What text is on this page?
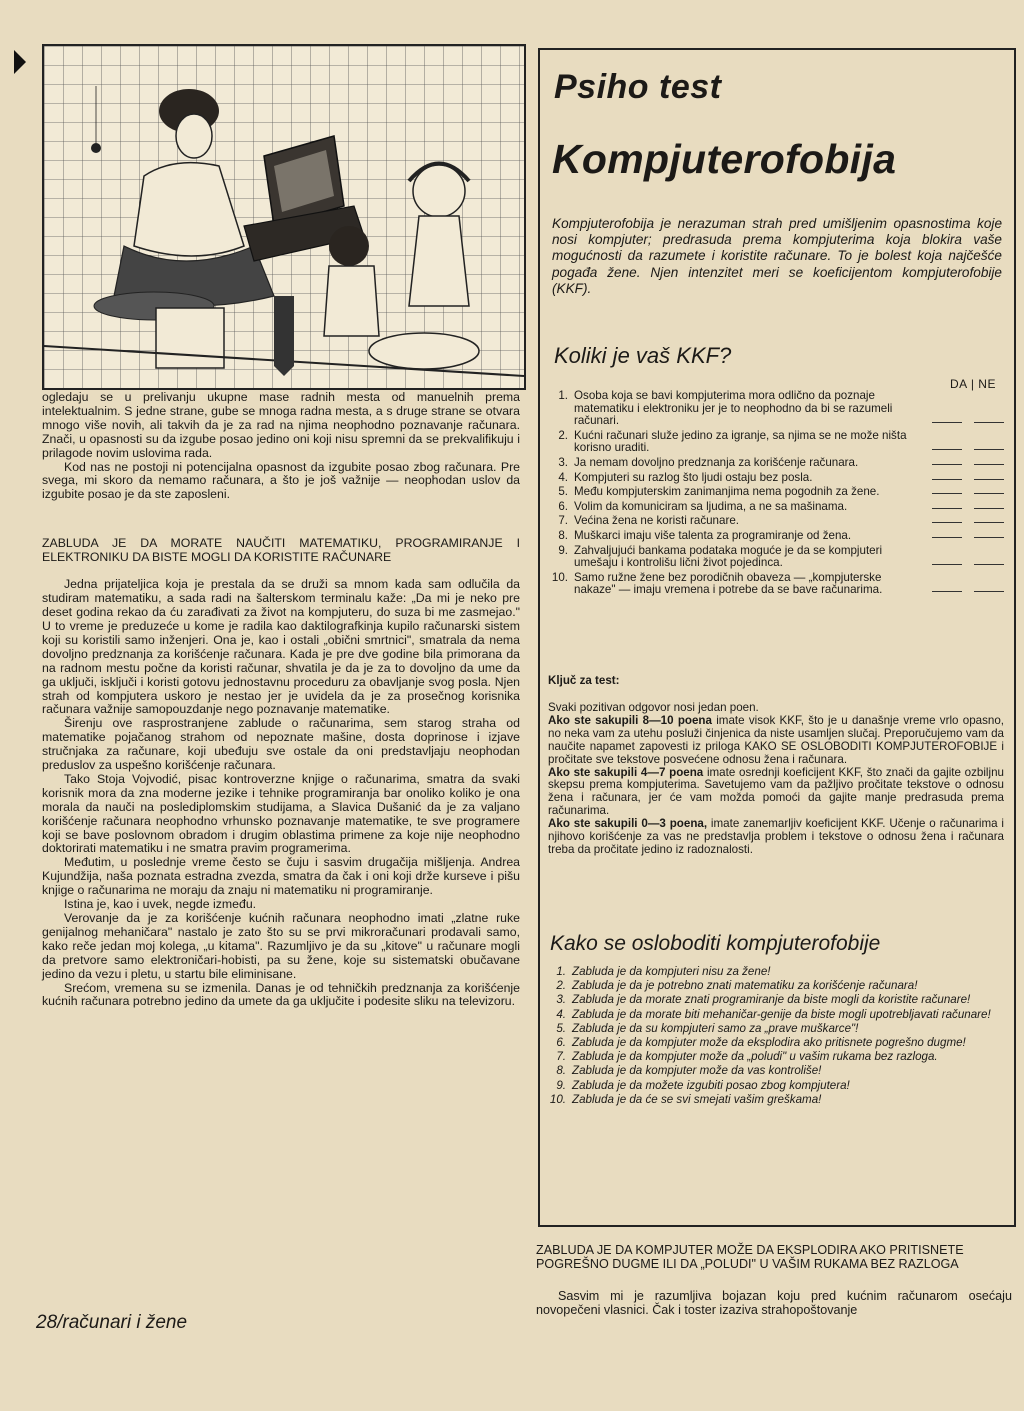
ogledaju se u prelivanju ukupne mase radnih mesta od manuelnih prema intelektualnim. S jedne strane, gube se mnoga radna mesta, a s druge strane se otvara mnogo više novih, ali takvih da je za rad na njima neophodno poznavanje računara. Znači, u opasnosti su da izgube posao jedino oni koji nisu spremni da se prekvalifikuju i prilagode novim uslovima rada.

Kod nas ne postoji ni potencijalna opasnost da izgubite posao zbog računara. Pre svega, mi skoro da nemamo računara, a što je još važnije — neophodan uslov da izgubite posao je da ste zaposleni.

ZABLUDA JE DA MORATE NAUČITI MATEMATIKU, PROGRAMIRANJE I ELEKTRONIKU DA BISTE MOGLI DA KORISTITE RAČUNARE

Jedna prijateljica koja je prestala da se druži sa mnom kada sam odlučila da studiram matematiku, a sada radi na šalterskom terminalu kaže: „Da mi je neko pre deset godina rekao da ću zarađivati za život na kompjuteru, do suza bi me zasmejao." U to vreme je preduzeće u kome je radila kao daktilografkinja kupilo računarski sistem koji su koristili samo inženjeri. Ona je, kao i ostali „obični smrtnici", smatrala da nema dovoljno predznanja za korišćenje računara. Kada je pre dve godine bila primorana da na radnom mestu počne da koristi računar, shvatila je da je za to dovoljno da ume da ga uključi, isključi i koristi gotovu jednostavnu proceduru za obavljanje svog posla. Njen strah od kompjutera uskoro je nestao jer je uvidela da je za prosečnog korisnika računara važnije samopouzdanje nego poznavanje matematike.

Širenju ove rasprostranjene zablude o računarima, sem starog straha od matematike pojačanog strahom od nepoznate mašine, dosta doprinose i izjave stručnjaka za računare, koji ubeđuju sve ostale da oni predstavljaju neophodan preduslov za uspešno korišćenje računara.

Tako Stoja Vojvodić, pisac kontroverzne knjige o računarima, smatra da svaki korisnik mora da zna moderne jezike i tehnike programiranja bar onoliko koliko je ona morala da nauči na poslediplomskim studijama, a Slavica Dušanić da je za valjano korišćenje računara neophodno vrhunsko poznavanje matematike, te sve programere koji se bave poslovnom obradom i drugim oblastima primene za koje nije neophodno doktorirati matematiku i ne smatra pravim programerima.

Međutim, u poslednje vreme često se čuju i sasvim drugačija mišljenja. Andrea Kujundžija, naša poznata estradna zvezda, smatra da čak i oni koji drže kurseve i pišu knjige o računarima ne moraju da znaju ni matematiku ni programiranje.

Istina je, kao i uvek, negde između.

Verovanje da je za korišćenje kućnih računara neophodno imati „zlatne ruke genijalnog mehaničara" nastalo je zato što su se prvi mikroračunari prodavali samo, kako reče jedan moj kolega, „u kitama". Razumljivo je da su „kitove" u računare mogli da pretvore samo elektroničari-hobisti, pa su žene, koje su sistematski obučavane jedino da vezu i pletu, u startu bile eliminisane.

Srećom, vremena su se izmenila. Danas je od tehničkih predznanja za korišćenje kućnih računara potrebno jedino da umete da ga uključite i podesite sliku na televizoru.

28/računari i žene
Psiho test
Kompjuterofobija
Kompjuterofobija je nerazuman strah pred umišljenim opasnostima koje nosi kompjuter; predrasuda prema kompjuterima koja blokira vaše mogućnosti da razumete i koristite računare. To je bolest koja najčešće pogađa žene. Njen intenzitet meri se koeficijentom kompjuterofobije (KKF).
Koliki je vaš KKF?
DA | NE
1. Osoba koja se bavi kompjuterima mora odlično da poznaje matematiku i elektroniku jer je to neophodno da bi se razumeli računari.
2. Kućni računari služe jedino za igranje, sa njima se ne može ništa korisno uraditi.
3. Ja nemam dovoljno predznanja za korišćenje računara.
4. Kompjuteri su razlog što ljudi ostaju bez posla.
5. Među kompjuterskim zanimanjima nema pogodnih za žene.
6. Volim da komuniciram sa ljudima, a ne sa mašinama.
7. Većina žena ne koristi računare.
8. Muškarci imaju više talenta za programiranje od žena.
9. Zahvaljujući bankama podataka moguće je da se kompjuteri umešaju i kontrolišu lični život pojedinca.
10. Samo ružne žene bez porodičnih obaveza — „kompjuterske nakaze" — imaju vremena i potrebe da se bave računarima.
Ključ za test:
Svaki pozitivan odgovor nosi jedan poen.
Ako ste sakupili 8—10 poena imate visok KKF, što je u današnje vreme vrlo opasno, no neka vam za utehu posluži činjenica da niste usamljen slučaj. Preporučujemo vam da naučite napamet zapovesti iz priloga KAKO SE OSLOBODITI KOMPJUTEROFOBIJE i pročitate sve tekstove posvećene odnosu žena i računara.
Ako ste sakupili 4—7 poena imate osrednji koeficijent KKF, što znači da gajite ozbiljnu skepsu prema kompjuterima. Savetujemo vam da pažljivo pročitate tekstove o odnosu žena i računara, jer će vam možda pomoći da gajite manje predrasuda prema računarima.
Ako ste sakupili 0—3 poena, imate zanemarljiv koeficijent KKF. Učenje o računarima i njihovo korišćenje za vas ne predstavlja problem i tekstove o odnosu žena i računara treba da pročitate jedino iz radoznalosti.
Kako se osloboditi kompjuterofobije
1. Zabluda je da kompjuteri nisu za žene!
2. Zabluda je da je potrebno znati matematiku za korišćenje računara!
3. Zabluda je da morate znati programiranje da biste mogli da koristite računare!
4. Zabluda je da morate biti mehaničar-genije da biste mogli upotrebljavati računare!
5. Zabluda je da su kompjuteri samo za „prave muškarce"!
6. Zabluda je da kompjuter može da eksplodira ako pritisnete pogrešno dugme!
7. Zabluda je da kompjuter može da „poludi" u vašim rukama bez razloga.
8. Zabluda je da kompjuter može da vas kontroliše!
9. Zabluda je da možete izgubiti posao zbog kompjutera!
10. Zabluda je da će se svi smejati vašim greškama!
ZABLUDA JE DA KOMPJUTER MOŽE DA EKSPLODIRA AKO PRITISNETE POGREŠNO DUGME ILI DA „POLUDI" U VAŠIM RUKAMA BEZ RAZLOGA

Sasvim mi je razumljiva bojazan koju pred kućnim računarom osećaju novopečeni vlasnici. Čak i toster izaziva strahopoštovanje
